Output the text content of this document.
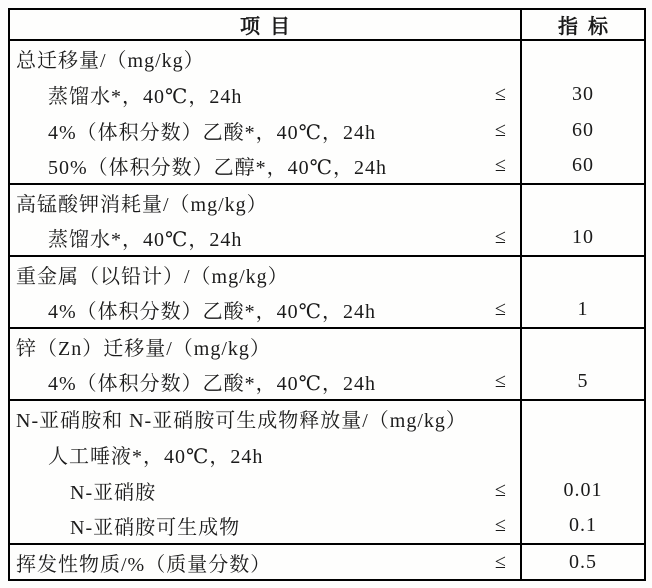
项目	指标

总迁移量/（mg/kg）	

蒸馏水*，40℃，24h ≤	30

4%（体积分数）乙酸*，40℃，24h ≤	60

50%（体积分数）乙醇*，40℃，24h ≤	60

高锰酸钾消耗量/（mg/kg）	

蒸馏水*，40℃，24h ≤	10

重金属（以铅计）/（mg/kg）	

4%（体积分数）乙酸*，40℃，24h ≤	1

锌（Zn）迁移量/（mg/kg）	

4%（体积分数）乙酸*，40℃，24h ≤	5

N-亚硝胺和 N-亚硝胺可生成物释放量/（mg/kg）	

人工唾液*，40℃，24h	

N-亚硝胺 ≤	0.01

N-亚硝胺可生成物 ≤	0.1

挥发性物质/%（质量分数） ≤	0.5
